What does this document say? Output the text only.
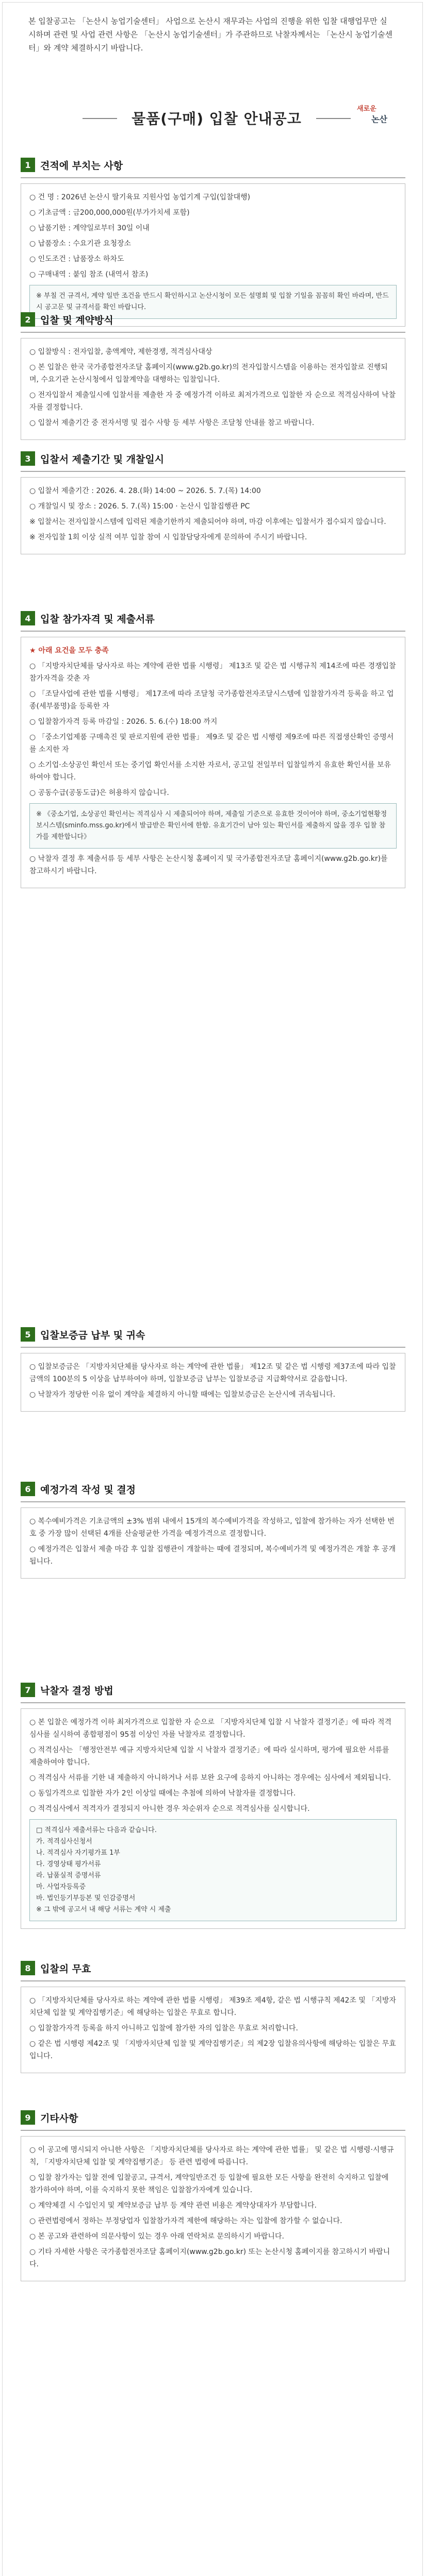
본 입찰공고는 「논산시 농업기술센터」 사업으로 논산시 재무과는 사업의 진행을 위한 입찰 대행업무만 실시하며 관련 및 사업 관련 사항은 「논산시 농업기술센터」가 주관하므로 낙찰자께서는 「논산시 농업기술센터」와 계약 체결하시기 바랍니다.
물품(구매) 입찰 안내공고
새로운
논산
1 견적에 부치는 사항

○ 건 명 : 2026년 논산시 딸기육묘 지원사업 농업기계 구입(입찰대행)

○ 기초금액 : 금200,000,000원(부가가치세 포함)

○ 납품기한 : 계약일로부터 30일 이내

○ 납품장소 : 수요기관 요청장소

○ 인도조건 : 납품장소 하차도

○ 구매내역 : 붙임 참조 (내역서 참조)

※ 부칠 건 규격서, 계약 일반 조건을 반드시 확인하시고 논산시청이 모든 설명회 및 입찰 기일을 꼼꼼히 확인 바라며, 반드시 공고문 및 규격서를 확인 바랍니다.
2 입찰 및 계약방식

○ 입찰방식 : 전자입찰, 총액계약, 제한경쟁, 적격심사대상

○ 본 입찰은 한국 국가종합전자조달 홈페이지(www.g2b.go.kr)의 전자입찰시스템을 이용하는 전자입찰로 진행되며, 수요기관 논산시청에서 입찰계약을 대행하는 입찰입니다.

○ 전자입찰서 제출일시에 입찰서를 제출한 자 중 예정가격 이하로 최저가격으로 입찰한 자 순으로 적격심사하여 낙찰자를 결정합니다.

○ 입찰서 제출기간 중 전자서명 및 접수 사항 등 세부 사항은 조달청 안내를 참고 바랍니다.

3 입찰서 제출기간 및 개찰일시

○ 입찰서 제출기간 : 2026. 4. 28.(화) 14:00 ~ 2026. 5. 7.(목) 14:00

○ 개찰일시 및 장소 : 2026. 5. 7.(목) 15:00 · 논산시 입찰집행관 PC

※ 입찰서는 전자입찰시스템에 입력된 제출기한까지 제출되어야 하며, 마감 이후에는 입찰서가 접수되지 않습니다.

※ 전자입찰 1회 이상 실적 여부 입찰 참여 시 입찰담당자에게 문의하여 주시기 바랍니다.

4 입찰 참가자격 및 제출서류

★ 아래 요건을 모두 충족

○ 「지방자치단체를 당사자로 하는 계약에 관한 법률 시행령」 제13조 및 같은 법 시행규칙 제14조에 따른 경쟁입찰 참가자격을 갖춘 자

○ 「조달사업에 관한 법률 시행령」 제17조에 따라 조달청 국가종합전자조달시스템에 입찰참가자격 등록을 하고 업종(세부품명)을 등록한 자

○ 입찰참가자격 등록 마감일 : 2026. 5. 6.(수) 18:00 까지

○ 「중소기업제품 구매촉진 및 판로지원에 관한 법률」 제9조 및 같은 법 시행령 제9조에 따른 직접생산확인 증명서를 소지한 자

○ 소기업·소상공인 확인서 또는 중기업 확인서를 소지한 자로서, 공고일 전일부터 입찰일까지 유효한 확인서를 보유하여야 합니다.

○ 공동수급(공동도급)은 허용하지 않습니다.

※ 《중소기업, 소상공인 확인서는 적격심사 시 제출되어야 하며, 제출일 기준으로 유효한 것이어야 하며, 중소기업현황정보시스템(sminfo.mss.go.kr)에서 발급받은 확인서에 한함. 유효기간이 남아 있는 확인서를 제출하지 않을 경우 입찰 참가를 제한합니다》

○ 낙찰자 결정 후 제출서류 등 세부 사항은 논산시청 홈페이지 및 국가종합전자조달 홈페이지(www.g2b.go.kr)를 참고하시기 바랍니다.

5 입찰보증금 납부 및 귀속

○ 입찰보증금은 「지방자치단체를 당사자로 하는 계약에 관한 법률」 제12조 및 같은 법 시행령 제37조에 따라 입찰금액의 100분의 5 이상을 납부하여야 하며, 입찰보증금 납부는 입찰보증금 지급확약서로 갈음합니다.

○ 낙찰자가 정당한 이유 없이 계약을 체결하지 아니할 때에는 입찰보증금은 논산시에 귀속됩니다.

6 예정가격 작성 및 결정

○ 복수예비가격은 기초금액의 ±3% 범위 내에서 15개의 복수예비가격을 작성하고, 입찰에 참가하는 자가 선택한 번호 중 가장 많이 선택된 4개를 산술평균한 가격을 예정가격으로 결정합니다.

○ 예정가격은 입찰서 제출 마감 후 입찰 집행관이 개찰하는 때에 결정되며, 복수예비가격 및 예정가격은 개찰 후 공개됩니다.

7 낙찰자 결정 방법

○ 본 입찰은 예정가격 이하 최저가격으로 입찰한 자 순으로 「지방자치단체 입찰 시 낙찰자 결정기준」에 따라 적격심사를 실시하여 종합평점이 95점 이상인 자를 낙찰자로 결정합니다.

○ 적격심사는 「행정안전부 예규 지방자치단체 입찰 시 낙찰자 결정기준」에 따라 실시하며, 평가에 필요한 서류를 제출하여야 합니다.

○ 적격심사 서류를 기한 내 제출하지 아니하거나 서류 보완 요구에 응하지 아니하는 경우에는 심사에서 제외됩니다.

○ 동일가격으로 입찰한 자가 2인 이상일 때에는 추첨에 의하여 낙찰자를 결정합니다.

○ 적격심사에서 적격자가 결정되지 아니한 경우 차순위자 순으로 적격심사를 실시합니다.

□ 적격심사 제출서류는 다음과 같습니다.
가. 적격심사신청서
나. 적격심사 자기평가표 1부
다. 경영상태 평가서류
라. 납품실적 증명서류
마. 사업자등록증
바. 법인등기부등본 및 인감증명서
※ 그 밖에 공고서 내 해당 서류는 계약 시 제출
8 입찰의 무효

○ 「지방자치단체를 당사자로 하는 계약에 관한 법률 시행령」 제39조 제4항, 같은 법 시행규칙 제42조 및 「지방자치단체 입찰 및 계약집행기준」에 해당하는 입찰은 무효로 합니다.

○ 입찰참가자격 등록을 하지 아니하고 입찰에 참가한 자의 입찰은 무효로 처리합니다.

○ 같은 법 시행령 제42조 및 「지방자치단체 입찰 및 계약집행기준」의 제2장 입찰유의사항에 해당하는 입찰은 무효입니다.

9 기타사항

○ 이 공고에 명시되지 아니한 사항은 「지방자치단체를 당사자로 하는 계약에 관한 법률」 및 같은 법 시행령·시행규칙, 「지방자치단체 입찰 및 계약집행기준」 등 관련 법령에 따릅니다.

○ 입찰 참가자는 입찰 전에 입찰공고, 규격서, 계약일반조건 등 입찰에 필요한 모든 사항을 완전히 숙지하고 입찰에 참가하여야 하며, 이를 숙지하지 못한 책임은 입찰참가자에게 있습니다.

○ 계약체결 시 수입인지 및 계약보증금 납부 등 계약 관련 비용은 계약상대자가 부담합니다.

○ 관련법령에서 정하는 부정당업자 입찰참가자격 제한에 해당하는 자는 입찰에 참가할 수 없습니다.

○ 본 공고와 관련하여 의문사항이 있는 경우 아래 연락처로 문의하시기 바랍니다.

○ 기타 자세한 사항은 국가종합전자조달 홈페이지(www.g2b.go.kr) 또는 논산시청 홈페이지를 참고하시기 바랍니다.
